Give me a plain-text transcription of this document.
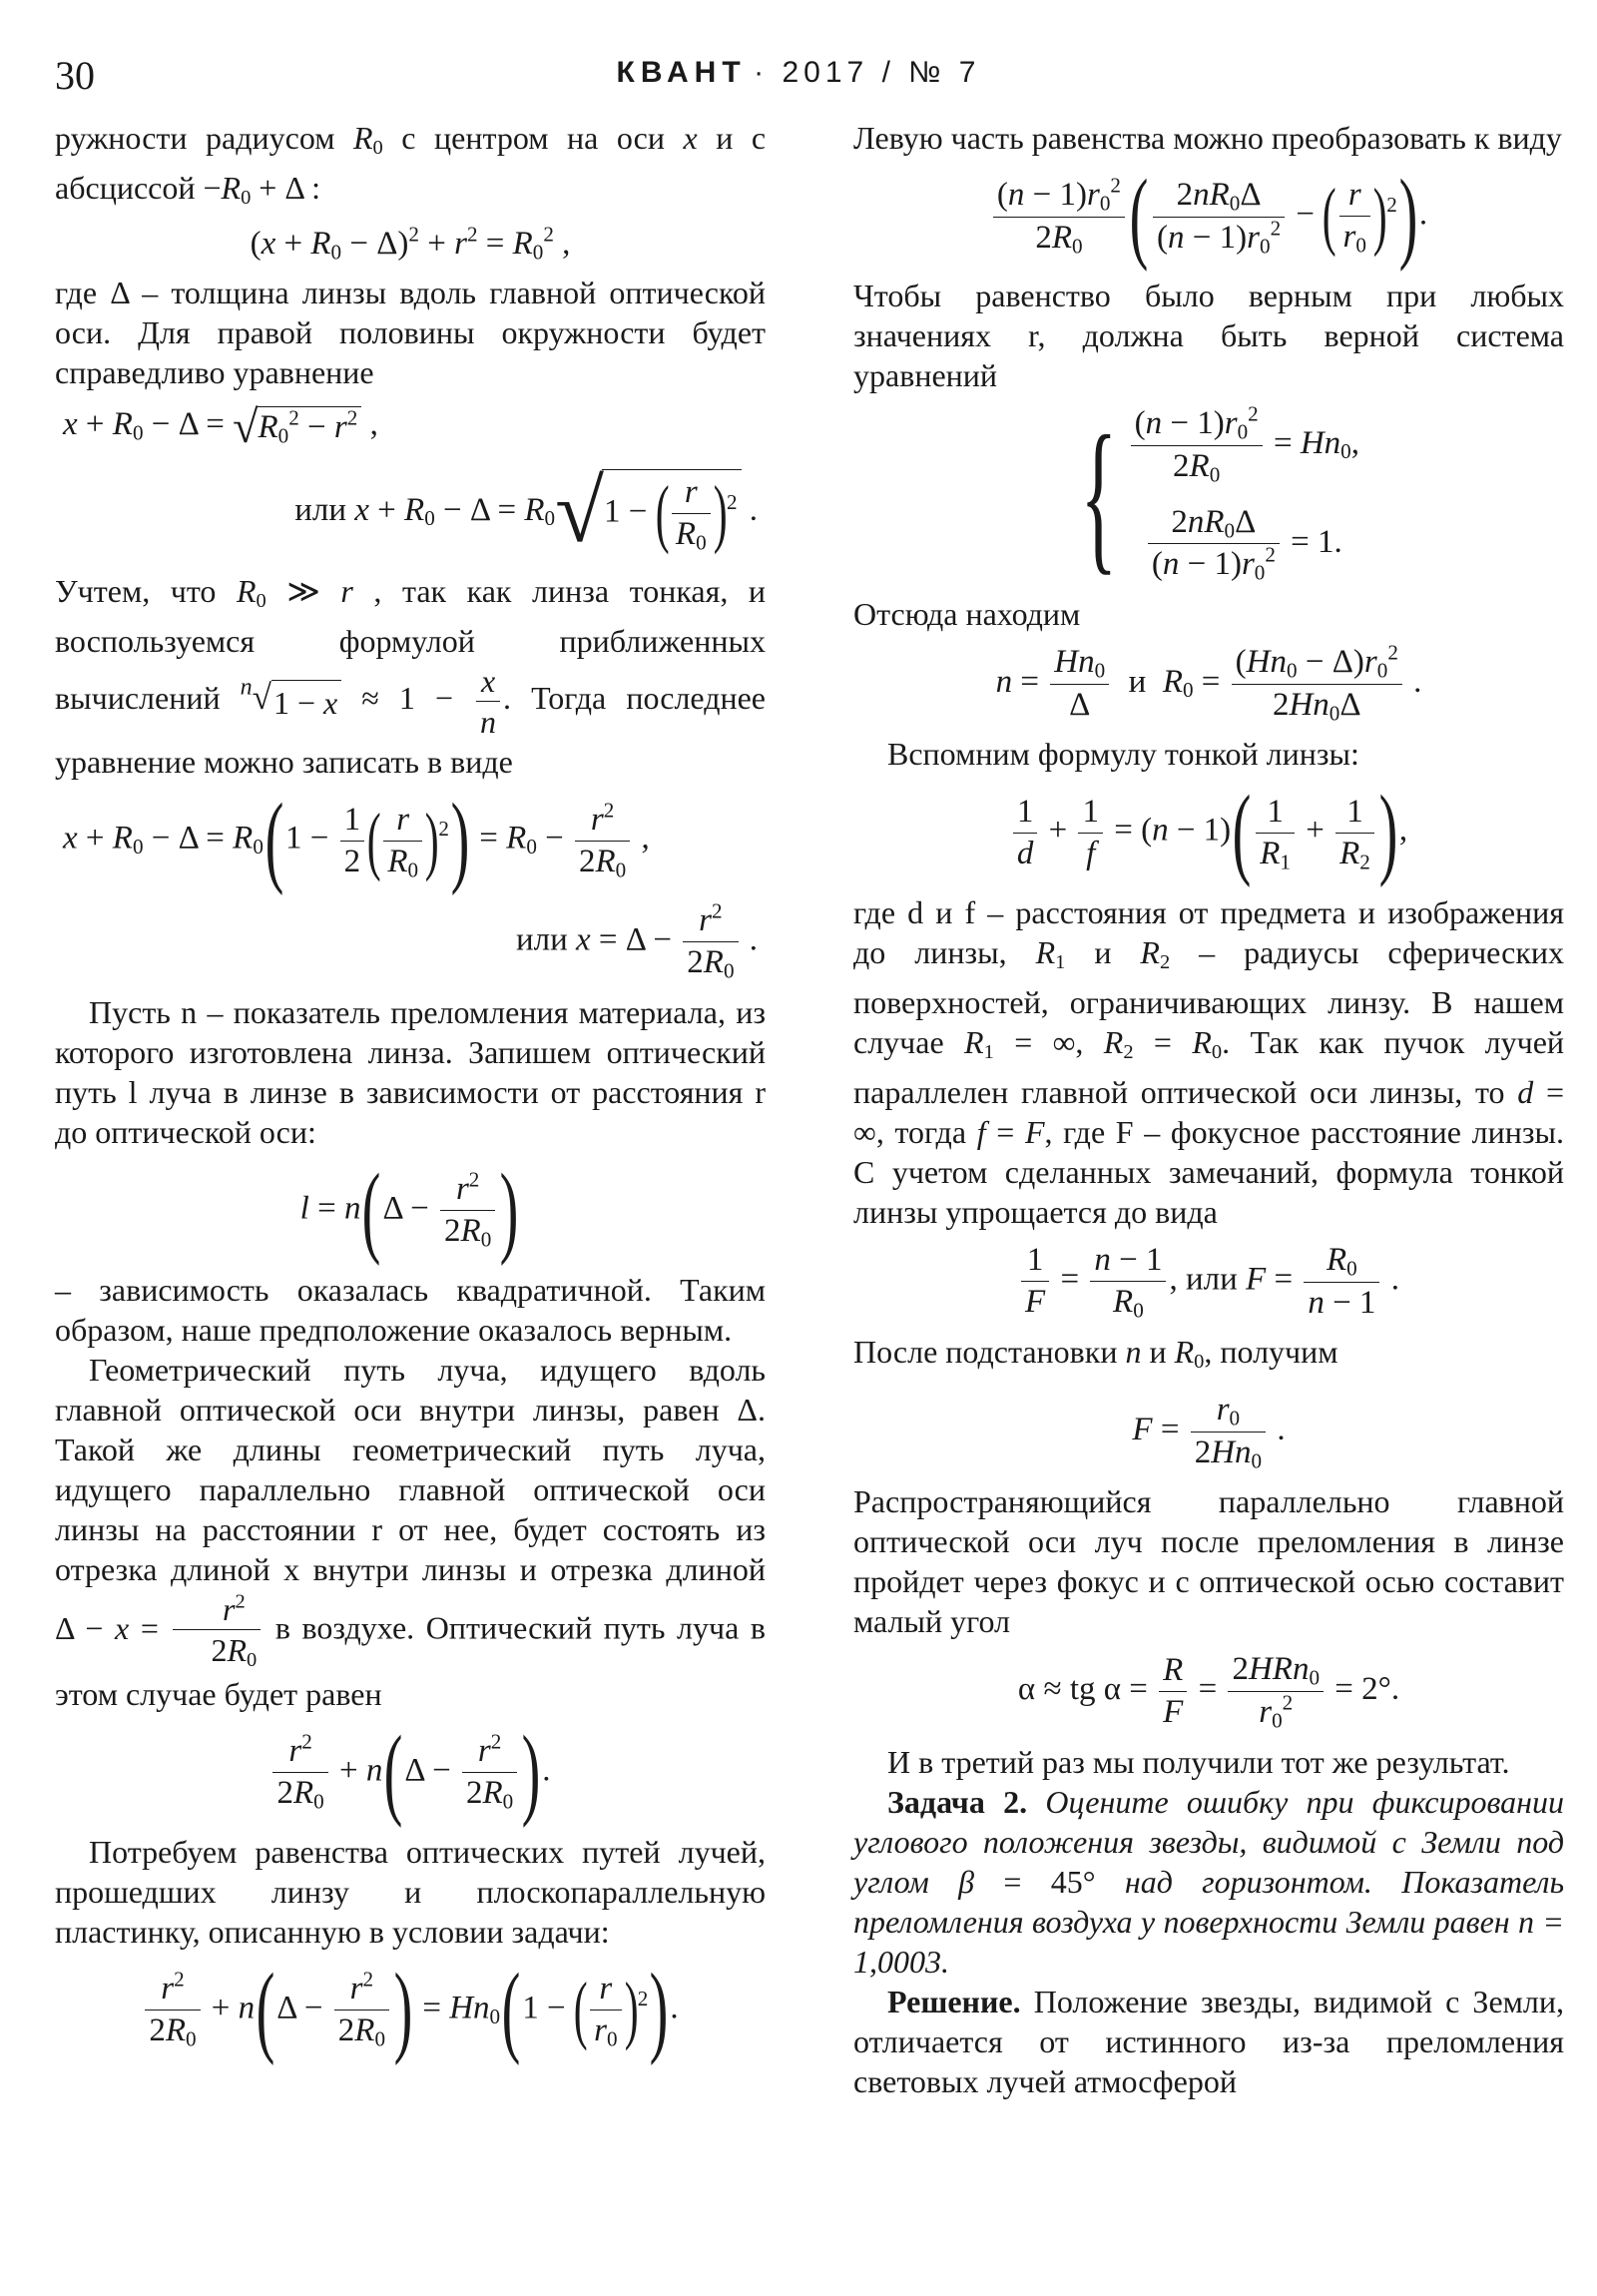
30	КВАНТ · 2017 / № 7

ружности радиусом $R_0$ с центром на оси x и с абсциссой $-R_0 + \Delta$ :

$(x + R_0 - \Delta)^2 + r^2 = R_0^2$ ,

где Δ – толщина линзы вдоль главной оптической оси. Для правой половины окружности будет справедливо уравнение

$x + R_0 - \Delta = √R_0^2 - r^2$ ,
или $x + R_0 - \Delta = R_0√1$ − ( $\frac{r}{R_0} )^2$ .

Учтем, что $R_0$ ≫ r , так как линза тонкая, и воспользуемся формулой приближенных вычислений $^n√1 - x \approx 1 - \frac{x}{n}$ . Тогда последнее уравнение можно записать в виде

$x + R_0 - \Delta = R_0(1 - \frac{1}{2}$ ( $\frac{r}{R_0} )^2) = R_0 - \frac{r^2}{2R_0}$ ,
или $x = \Delta - \frac{r^2}{2R_0}$ .

Пусть n – показатель преломления материала, из которого изготовлена линза. Запишем оптический путь l луча в линзе в зависимости от расстояния r до оптической оси:

$l = n(\Delta - \frac{r^2}{2R_0}$ )

– зависимость оказалась квадратичной. Таким образом, наше предположение оказалось верным.

Геометрический путь луча, идущего вдоль главной оптической оси внутри линзы, равен Δ. Такой же длины геометрический путь луча, идущего параллельно главной оптической оси линзы на расстоянии r от нее, будет состоять из отрезка длиной x внутри линзы и отрезка длиной $\Delta - x = \frac{r^2}{2R_0}$ в воздухе. Оптический путь луча в этом случае будет равен

$\frac{r^2}{2R_0} + n(\Delta - \frac{r^2}{2R_0}$ ).

Потребуем равенства оптических путей лучей, прошедших линзу и плоскопараллельную пластинку, описанную в условии задачи:

$\frac{r^2}{2R_0} + n(\Delta - \frac{r^2}{2R_0}$ ) = $Hn_0(1$ − ( $\frac{r}{r_0} )^2$).

Левую часть равенства можно преобразовать к виду

$\frac{(n - 1)r_0^2}{2R_0}$ ( $\frac{2nR_0\Delta}{(n - 1)r_0^2}$ − ( $\frac{r}{r_0} )^2$).

Чтобы равенство было верным при любых значениях r, должна быть верной система уравнений

{ $\frac{(n - 1)r_0^2}{2R_0} = Hn_0$,
$\frac{2nR_0\Delta}{(n - 1)r_0^2} = 1$.

Отсюда находим

$n = \frac{Hn_0}{\Delta}$ и $R_0 = \frac{(Hn_0 - \Delta)r_0^2}{2Hn_0\Delta}$ .

Вспомним формулу тонкой линзы:

$\frac{1}{d} + \frac{1}{f} = (n - 1)( \frac{1}{R_1} + \frac{1}{R_2}$ ),

где d и f – расстояния от предмета и изображения до линзы, $R_1$ и $R_2$ – радиусы сферических поверхностей, ограничивающих линзу. В нашем случае $R_1$ = ∞, $R_2 = R_0$. Так как пучок лучей параллелен главной оптической оси линзы, то d = ∞, тогда f = F, где F – фокусное расстояние линзы. С учетом сделанных замечаний, формула тонкой линзы упрощается до вида

$\frac{1}{F} = \frac{n - 1}{R_0}$ , или $F = \frac{R_0}{n - 1}$ .

После подстановки n и $R_0$, получим

$F = \frac{r_0}{2Hn_0}$ .

Распространяющийся параллельно главной оптической оси луч после преломления в линзе пройдет через фокус и с оптической осью составит малый угол

α ≈ tg $\alpha = \frac{R}{F} = \frac{2HRn_0}{r_0^2} = 2^\circ$.

И в третий раз мы получили тот же результат.

Задача 2. Оцените ошибку при фиксировании углового положения звезды, видимой с Земли под углом β = 45° над горизонтом. Показатель преломления воздуха у поверхности Земли равен n = 1,0003.

Решение. Положение звезды, видимой с Земли, отличается от истинного из-за преломления световых лучей атмосферой
